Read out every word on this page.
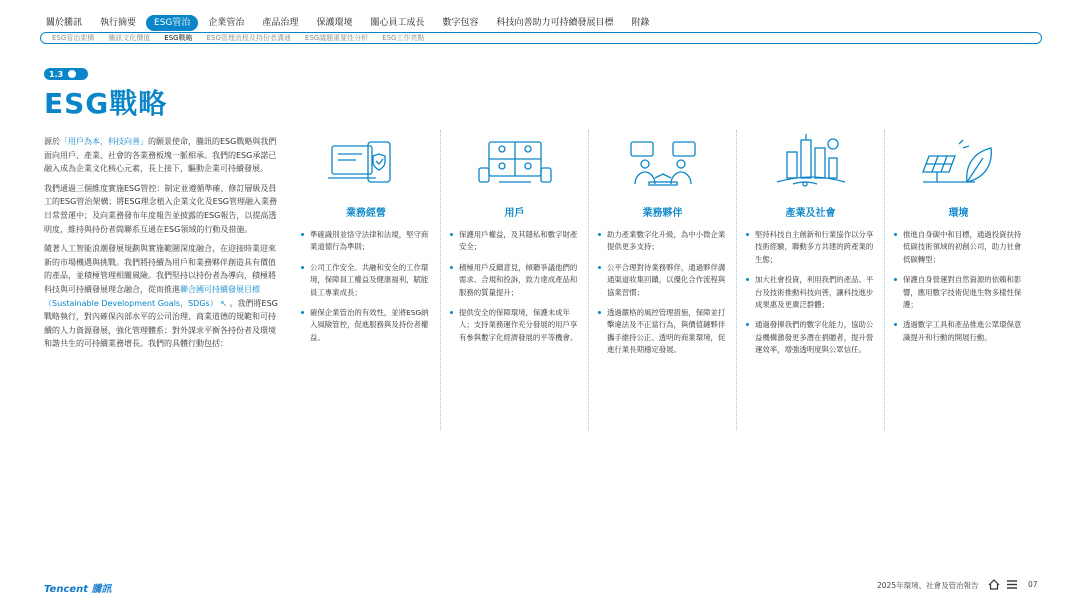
關於騰訊	執行摘要	ESG管治	企業管治	產品治理	保護環境	關心員工成長	數字包容	科技向善助力可持續發展目標	附錄
ESG管治架構	騰訊文化價值	ESG戰略	ESG管理流程及持份者溝通	ESG議題重要性分析	ESG工作亮點
1.3
ESG戰略

源於「用戶為本，科技向善」的願景使命，騰訊的ESG戰略與我們面向用戶、產業、社會的各業務板塊一脈相承。我們的ESG承諾已融入成為企業文化核心元素，長上接下，驅動企業可持續發展。

我們通過三個維度實施ESG管控：制定並遵循準確、修訂層級及員工的ESG管治架構；將ESG理念植入企業文化及ESG管理融入業務日常營運中；及向業務發布年度報告並披露的ESG報告，以提高透明度，維持與持份者間聯系互通在ESG領域的行動及措施。

隨著人工智能浪潮發展規劃與實施範圍深度融合，在迎接時業迎來新的市場機遇與挑戰。我們將持續為用戶和業務夥伴創造具有價值的產品，並積極管理相關風險。我們堅持以持份者為導向，積極將科技與可持續發展理念融合，從而推進聯合國可持續發展目標（Sustainable Development Goals，SDGs） ↖ 。我們將ESG戰略執行，對內確保內部水平的公司治理、商業道德的規範和可持續的人力資源發展，強化管理體系；對外謀求平衡各持份者及環境和諧共生的可持續業務增長。我們的具體行動包括：

業務經營
準確識別並恪守法律和法規，堅守商業道德行為準則；
公司工作安全、共融和安全的工作環境，保障員工權益及健康福利，賦能員工專業成長；
確保企業管治的有效性，並將ESG納入風險管控，促進服務與及持份者權益。
用戶
保護用戶權益，及其隱私和數字財產安全；
積極用戶反饋意見，傾聽爭議他們的需求、合規和投訴，致力達成產品和服務的質量提升；
提供安全的保障環境，保護未成年人；支持業務運作充分發展的用戶享有參與數字化經濟發展的平等機會。
業務夥伴
助力產業數字化升級，為中小微企業提供更多支持；
公平合理對待業務夥伴，通過夥伴溝通渠道收集回饋，以優化合作流程與協業習慣；
透過嚴格的風控管理措施，保障並打擊違法及不正當行為，與價值鏈夥伴攜手維持公正、透明的商業環境，促進行業長期穩定發展。
產業及社會
堅持科技自主創新和行業協作以分享技術經驗，聯動多方共建的跨產業的生態；
加大社會投資，利用我們的產品、平台及技術推動科技向善，讓科技進步成果惠及更廣泛群體；
通過發揮我們的數字化能力，協助公益機構激發更多潛在捐贈者，提升營運效率，增強透明度與公眾信任。
環境
推進自身碳中和目標，通過投資扶持低碳技術領域的初創公司，助力社會低碳轉型；
保護自身營運對自然資源的依賴和影響，應用數字技術促進生物多樣性保護；
透過數字工具和產品推進公眾環保意識提升和行動的開展行動。
Tencent 騰訊	2025年環境、社會及管治報告	07
